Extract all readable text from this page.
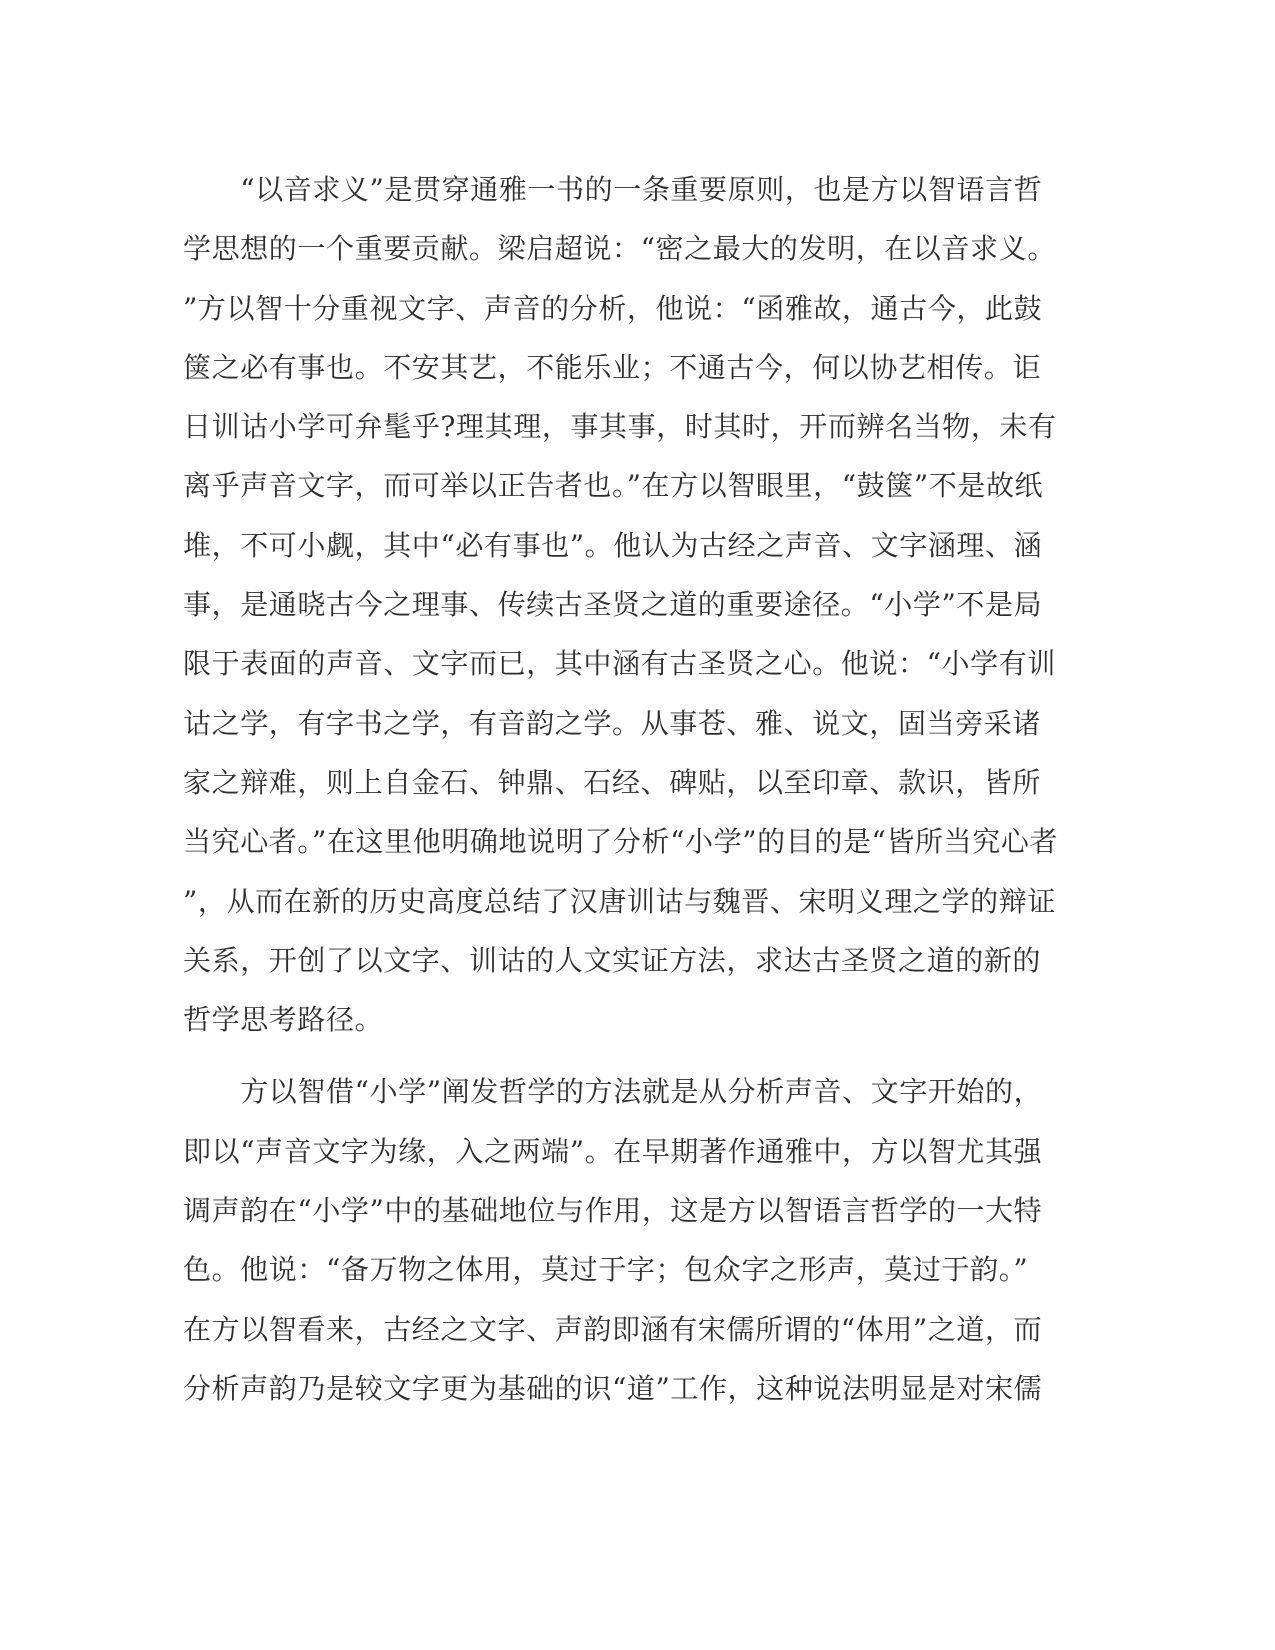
　　“以音求义”是贯穿通雅一书的一条重要原则，也是方以智语言哲
学思想的一个重要贡献。梁启超说：“密之最大的发明，在以音求义。
”方以智十分重视文字、声音的分析，他说：“函雅故，通古今，此鼓
箧之必有事也。不安其艺，不能乐业；不通古今，何以协艺相传。讵
日训诂小学可弁髦乎?理其理，事其事，时其时，开而辨名当物，未有
离乎声音文字，而可举以正告者也。”在方以智眼里，“鼓箧”不是故纸
堆，不可小觑，其中“必有事也”。他认为古经之声音、文字涵理、涵
事，是通晓古今之理事、传续古圣贤之道的重要途径。“小学”不是局
限于表面的声音、文字而已，其中涵有古圣贤之心。他说：“小学有训
诂之学，有字书之学，有音韵之学。从事苍、雅、说文，固当旁采诸
家之辩难，则上自金石、钟鼎、石经、碑贴，以至印章、款识，皆所
当究心者。”在这里他明确地说明了分析“小学”的目的是“皆所当究心者
”，从而在新的历史高度总结了汉唐训诂与魏晋、宋明义理之学的辩证
关系，开创了以文字、训诂的人文实证方法，求达古圣贤之道的新的
哲学思考路径。
　　方以智借“小学”阐发哲学的方法就是从分析声音、文字开始的，
即以“声音文字为缘，入之两端”。在早期著作通雅中，方以智尤其强
调声韵在“小学”中的基础地位与作用，这是方以智语言哲学的一大特
色。他说：“备万物之体用，莫过于字；包众字之形声，莫过于韵。”
在方以智看来，古经之文字、声韵即涵有宋儒所谓的“体用”之道，而
分析声韵乃是较文字更为基础的识“道”工作，这种说法明显是对宋儒
